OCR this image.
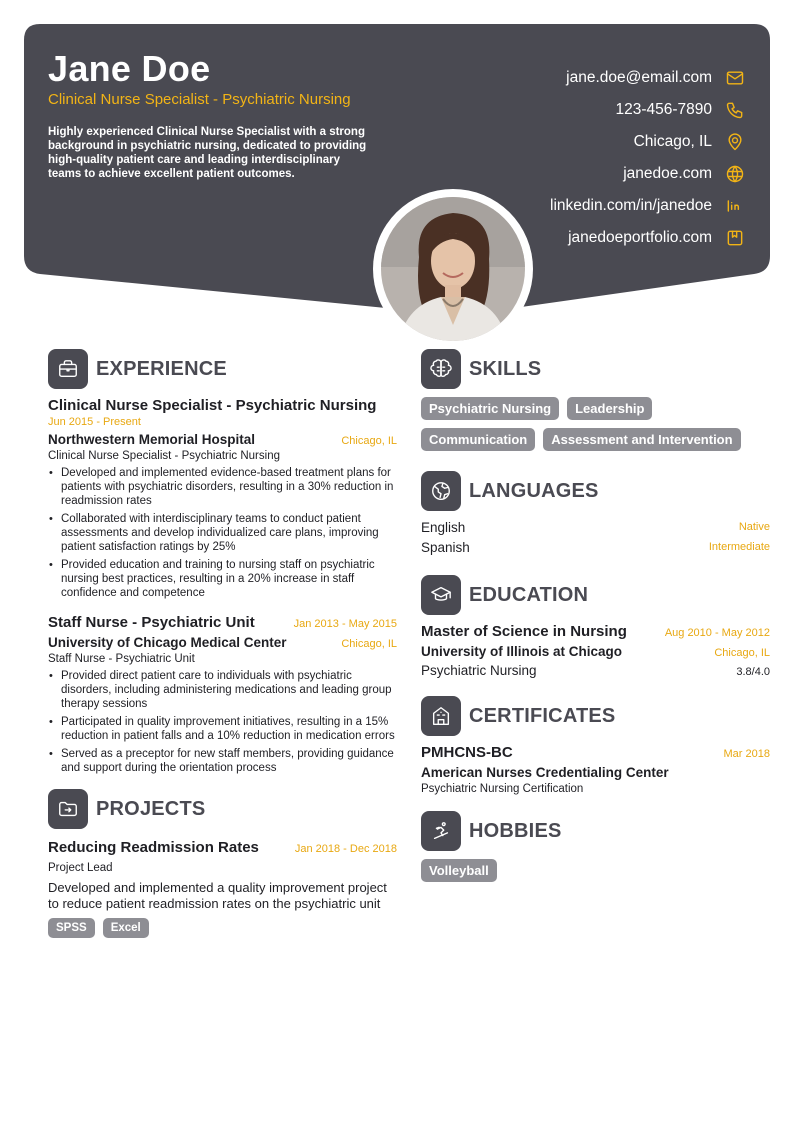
Jane Doe
Clinical Nurse Specialist - Psychiatric Nursing
Highly experienced Clinical Nurse Specialist with a strong background in psychiatric nursing, dedicated to providing high-quality patient care and leading interdisciplinary teams to achieve excellent patient outcomes.
jane.doe@email.com
123-456-7890
Chicago, IL
janedoe.com
linkedin.com/in/janedoe
janedoeportfolio.com
EXPERIENCE
Clinical Nurse Specialist - Psychiatric Nursing
Jun 2015 - Present
Northwestern Memorial Hospital	Chicago, IL
Clinical Nurse Specialist - Psychiatric Nursing
• Developed and implemented evidence-based treatment plans for patients with psychiatric disorders, resulting in a 30% reduction in readmission rates
• Collaborated with interdisciplinary teams to conduct patient assessments and develop individualized care plans, improving patient satisfaction ratings by 25%
• Provided education and training to nursing staff on psychiatric nursing best practices, resulting in a 20% increase in staff confidence and competence
Staff Nurse - Psychiatric Unit	Jan 2013 - May 2015
University of Chicago Medical Center	Chicago, IL
Staff Nurse - Psychiatric Unit
• Provided direct patient care to individuals with psychiatric disorders, including administering medications and leading group therapy sessions
• Participated in quality improvement initiatives, resulting in a 15% reduction in patient falls and a 10% reduction in medication errors
• Served as a preceptor for new staff members, providing guidance and support during the orientation process
PROJECTS
Reducing Readmission Rates	Jan 2018 - Dec 2018
Project Lead
Developed and implemented a quality improvement project to reduce patient readmission rates on the psychiatric unit
SPSS	Excel
SKILLS
Psychiatric Nursing	Leadership
Communication	Assessment and Intervention
LANGUAGES
English	Native
Spanish	Intermediate
EDUCATION
Master of Science in Nursing	Aug 2010 - May 2012
University of Illinois at Chicago	Chicago, IL
Psychiatric Nursing	3.8/4.0
CERTIFICATES
PMHCNS-BC	Mar 2018
American Nurses Credentialing Center
Psychiatric Nursing Certification
HOBBIES
Volleyball
